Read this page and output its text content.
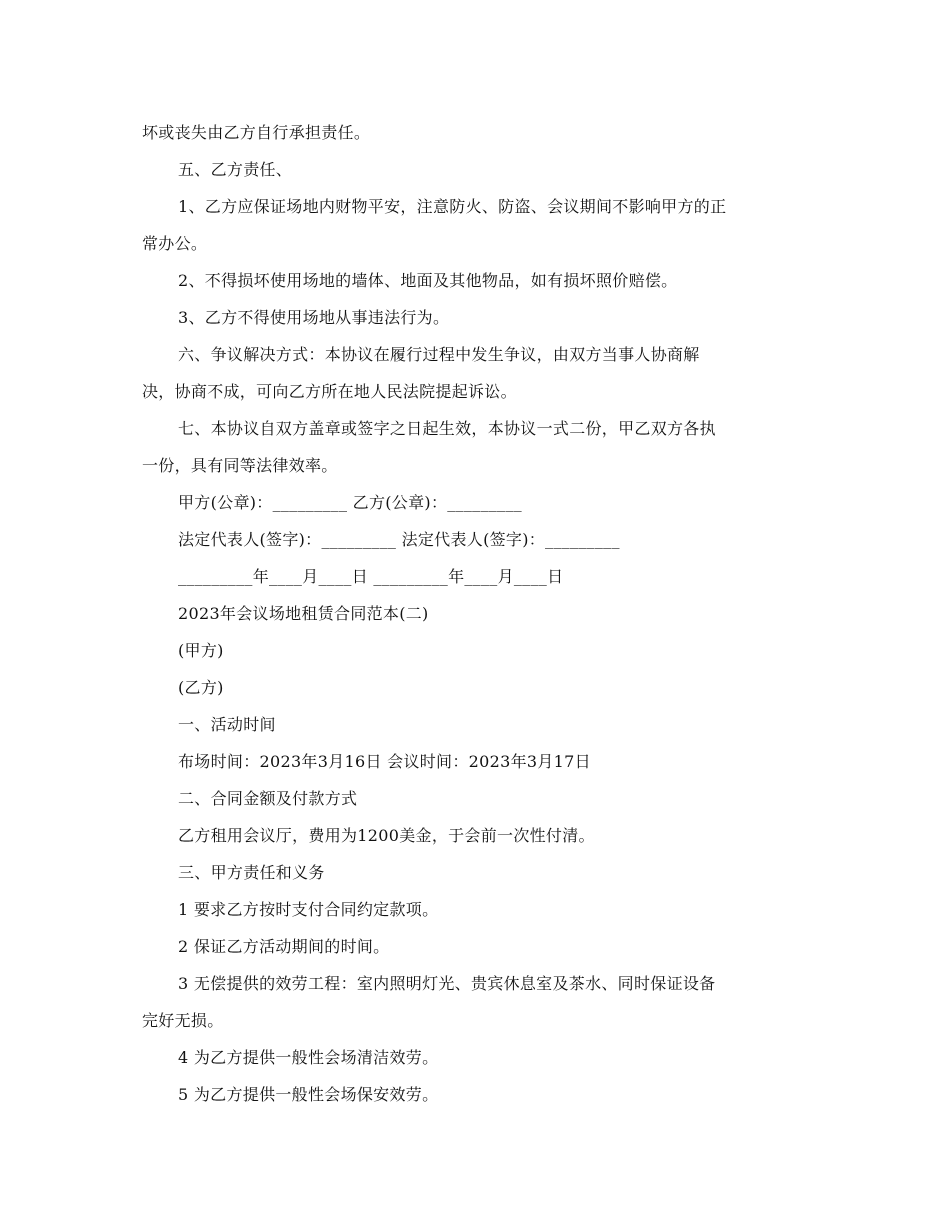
坏或丧失由乙方自行承担责任。
五、乙方责任、
1、乙方应保证场地内财物平安，注意防火、防盗、会议期间不影响甲方的正
常办公。
2、不得损坏使用场地的墙体、地面及其他物品，如有损坏照价赔偿。
3、乙方不得使用场地从事违法行为。
六、争议解决方式：本协议在履行过程中发生争议，由双方当事人协商解
决，协商不成，可向乙方所在地人民法院提起诉讼。
七、本协议自双方盖章或签字之日起生效，本协议一式二份，甲乙双方各执
一份，具有同等法律效率。
甲方(公章)：_________ 乙方(公章)：_________
法定代表人(签字)：_________ 法定代表人(签字)：_________
_________年____月____日 _________年____月____日
2023年会议场地租赁合同范本(二)
(甲方)
(乙方)
一、活动时间
布场时间：2023年3月16日 会议时间：2023年3月17日
二、合同金额及付款方式
乙方租用会议厅，费用为1200美金，于会前一次性付清。
三、甲方责任和义务
1 要求乙方按时支付合同约定款项。
2 保证乙方活动期间的时间。
3 无偿提供的效劳工程：室内照明灯光、贵宾休息室及茶水、同时保证设备
完好无损。
4 为乙方提供一般性会场清洁效劳。
5 为乙方提供一般性会场保安效劳。
